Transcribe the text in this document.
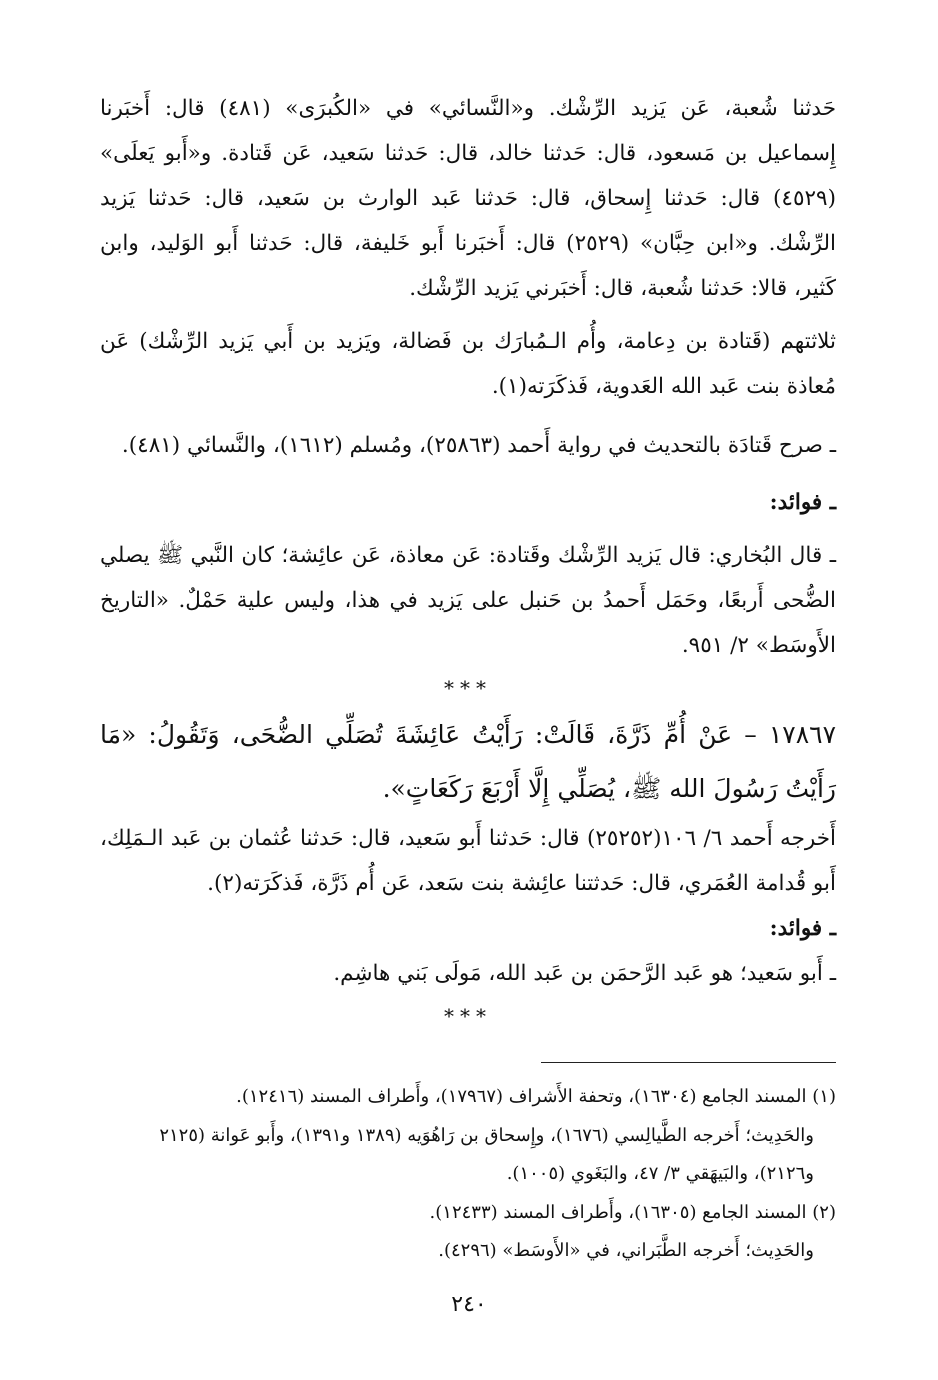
حَدثنا شُعبة، عَن يَزيد الرِّشْك. و«النَّسائي» في «الكُبرَى» (٤٨١) قال: أَخبَرنا إِسماعيل بن مَسعود، قال: حَدثنا خالد، قال: حَدثنا سَعيد، عَن قَتادة. و«أَبو يَعلَى» (٤٥٢٩) قال: حَدثنا إِسحاق، قال: حَدثنا عَبد الوارث بن سَعيد، قال: حَدثنا يَزيد الرِّشْك. و«ابن حِبَّان» (٢٥٢٩) قال: أَخبَرنا أَبو خَليفة، قال: حَدثنا أَبو الوَليد، وابن كَثير، قالا: حَدثنا شُعبة، قال: أَخبَرني يَزيد الرِّشْك.

ثلاثتهم (قَتادة بن دِعامة، وأُم الـمُبارَك بن فَضالة، ويَزيد بن أَبي يَزيد الرِّشْك) عَن مُعاذة بنت عَبد الله العَدوية، فَذكَرَته(١).

ـ صرح قَتادَة بالتحديث في رواية أَحمد (٢٥٨٦٣)، ومُسلم (١٦١٢)، والنَّسائي (٤٨١).

ـ فوائد:

ـ قال البُخاري: قال يَزيد الرِّشْك وقَتادة: عَن معاذة، عَن عائِشة؛ كان النَّبي ﷺ يصلي الضُّحى أَربعًا، وحَمَل أَحمدُ بن حَنبل على يَزيد في هذا، وليس علية حَمْلٌ. «التاريخ الأَوسَط» ٢/ ٩٥١.

***

١٧٨٦٧ – عَنْ أُمِّ ذَرَّةَ، قَالَتْ: رَأَيْتُ عَائِشَةَ تُصَلِّي الضُّحَى، وَتَقُولُ: «مَا رَأَيْتُ رَسُولَ الله ﷺ، يُصَلِّي إِلَّا أَرْبَعَ رَكَعَاتٍ».

أَخرجه أَحمد ٦/ ١٠٦(٢٥٢٥٢) قال: حَدثنا أَبو سَعيد، قال: حَدثنا عُثمان بن عَبد الـمَلِك، أَبو قُدامة العُمَري، قال: حَدثتنا عائِشة بنت سَعد، عَن أُم ذَرَّة، فَذكَرَته(٢).

ـ فوائد:

ـ أَبو سَعيد؛ هو عَبد الرَّحمَن بن عَبد الله، مَولَى بَني هاشِم.

***

(١) المسند الجامع (١٦٣٠٤)، وتحفة الأَشراف (١٧٩٦٧)، وأَطراف المسند (١٢٤١٦).

والحَدِيث؛ أَخرجه الطَّيالِسي (١٦٧٦)، وإِسحاق بن رَاهُوَيه (١٣٨٩ و١٣٩١)، وأَبو عَوانة (٢١٢٥ و٢١٢٦)، والبَيهَقي ٣/ ٤٧، والبَغَوي (١٠٠٥).

(٢) المسند الجامع (١٦٣٠٥)، وأَطراف المسند (١٢٤٣٣).

والحَدِيث؛ أَخرجه الطَّبَراني، في «الأَوسَط» (٤٢٩٦).

٢٤٠
